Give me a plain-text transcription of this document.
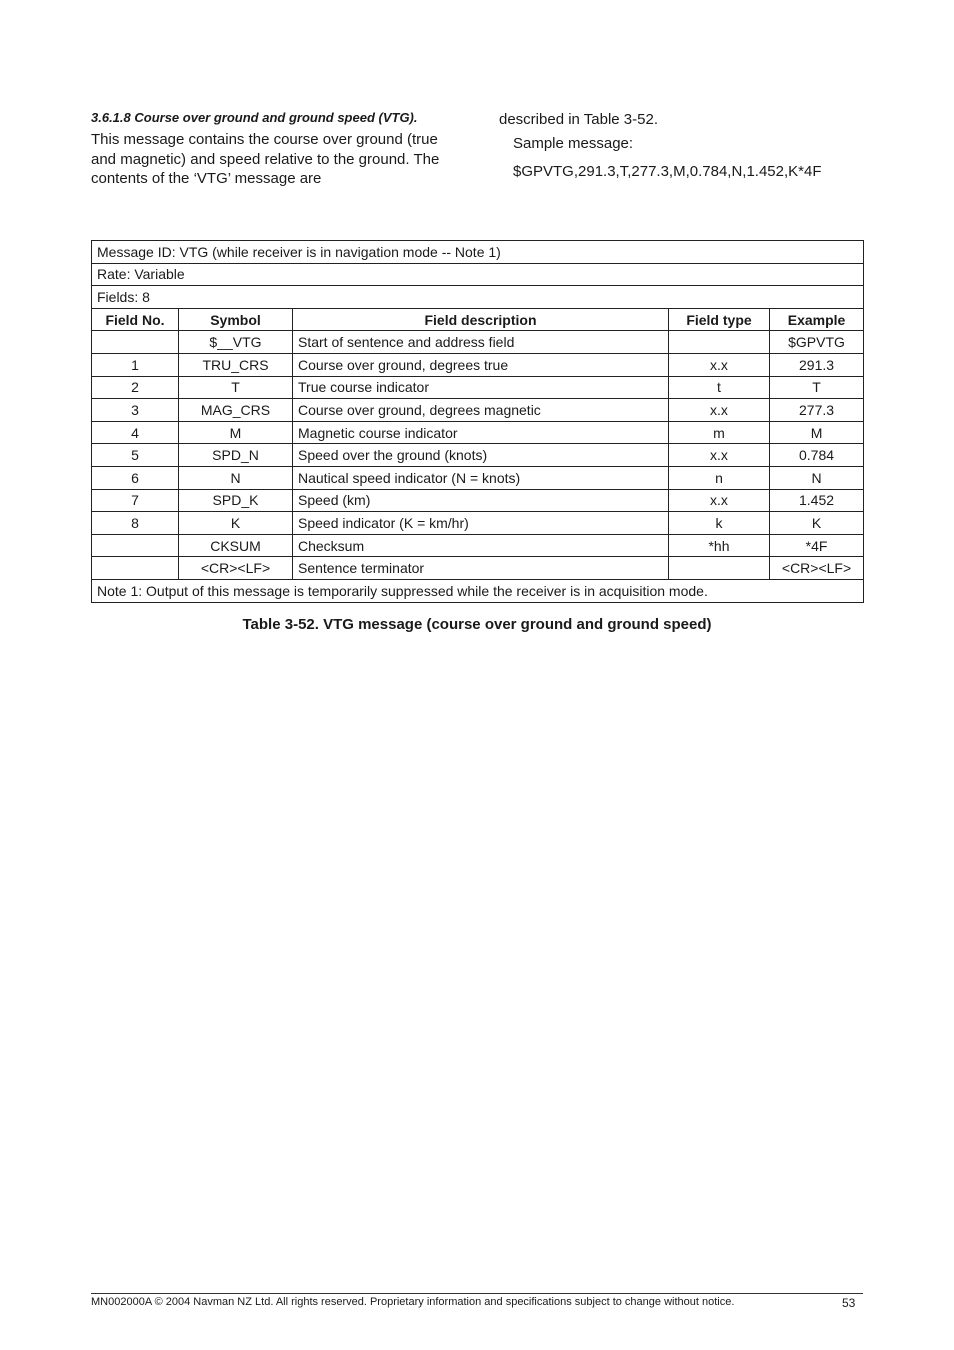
3.6.1.8 Course over ground and ground speed (VTG).

This message contains the course over ground (true and magnetic) and speed relative to the ground. The contents of the ‘VTG’ message are

described in Table 3-52.

Sample message:

$GPVTG,291.3,T,277.3,M,0.784,N,1.452,K*4F

Message ID: VTG (while receiver is in navigation mode -- Note 1)				
Rate: Variable				
Fields: 8				
Field No.	Symbol	Field description	Field type	Example
	$__VTG	Start of sentence and address field		$GPVTG
1	TRU_CRS	Course over ground, degrees true	x.x	291.3
2	T	True course indicator	t	T
3	MAG_CRS	Course over ground, degrees magnetic	x.x	277.3
4	M	Magnetic course indicator	m	M
5	SPD_N	Speed over the ground (knots)	x.x	0.784
6	N	Nautical speed indicator (N = knots)	n	N
7	SPD_K	Speed (km)	x.x	1.452
8	K	Speed indicator (K = km/hr)	k	K
	CKSUM	Checksum	*hh	*4F
	<CR><LF>	Sentence terminator		<CR><LF>
Note 1: Output of this message is temporarily suppressed while the receiver is in acquisition mode.				
Table 3-52. VTG message (course over ground and ground speed)
MN002000A © 2004 Navman NZ Ltd. All rights reserved. Proprietary information and specifications subject to change without notice.	53
